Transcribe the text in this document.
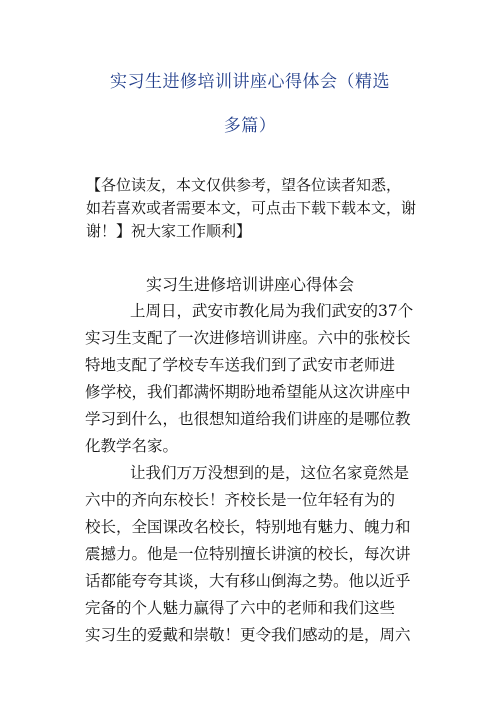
实习生进修培训讲座心得体会（精选
多篇）
【各位读友，本文仅供参考，望各位读者知悉，
如若喜欢或者需要本文，可点击下载下载本文，谢
谢！】祝大家工作顺利】
实习生进修培训讲座心得体会
上周日，武安市教化局为我们武安的37个
实习生支配了一次进修培训讲座。六中的张校长
特地支配了学校专车送我们到了武安市老师进
修学校，我们都满怀期盼地希望能从这次讲座中
学习到什么，也很想知道给我们讲座的是哪位教
化教学名家。
让我们万万没想到的是，这位名家竟然是
六中的齐向东校长！齐校长是一位年轻有为的
校长，全国课改名校长，特别地有魅力、魄力和
震撼力。他是一位特别擅长讲演的校长，每次讲
话都能夸夸其谈，大有移山倒海之势。他以近乎
完备的个人魅力赢得了六中的老师和我们这些
实习生的爱戴和崇敬！更令我们感动的是，周六
